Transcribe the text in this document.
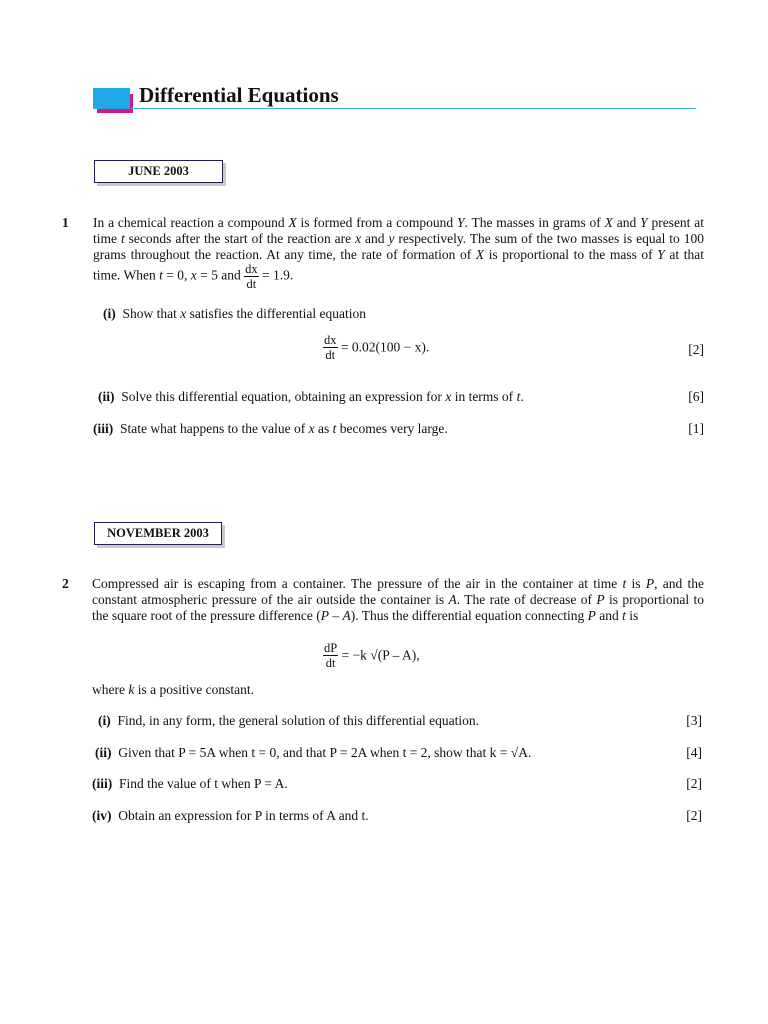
Differential Equations
JUNE 2003
1 In a chemical reaction a compound X is formed from a compound Y. The masses in grams of X and Y present at time t seconds after the start of the reaction are x and y respectively. The sum of the two masses is equal to 100 grams throughout the reaction. At any time, the rate of formation of X is proportional to the mass of Y at that time. When t = 0, x = 5 and $\frac{dx}{dt} = 1.9$.
(i) Show that x satisfies the differential equation
$\frac{dx}{dt} = 0.02(100 - x)$.	[2]
(ii) Solve this differential equation, obtaining an expression for x in terms of t.	[6]
(iii) State what happens to the value of x as t becomes very large.	[1]
NOVEMBER 2003
2 Compressed air is escaping from a container. The pressure of the air in the container at time t is P, and the constant atmospheric pressure of the air outside the container is A. The rate of decrease of P is proportional to the square root of the pressure difference (P – A). Thus the differential equation connecting P and t is
$\frac{dP}{dt} = -k$ √(P – A),
where k is a positive constant.
(i) Find, in any form, the general solution of this differential equation.	[3]
(ii) Given that P = 5A when t = 0, and that P = 2A when t = 2, show that k = √A.	[4]
(iii) Find the value of t when P = A.	[2]
(iv) Obtain an expression for P in terms of A and t.	[2]
